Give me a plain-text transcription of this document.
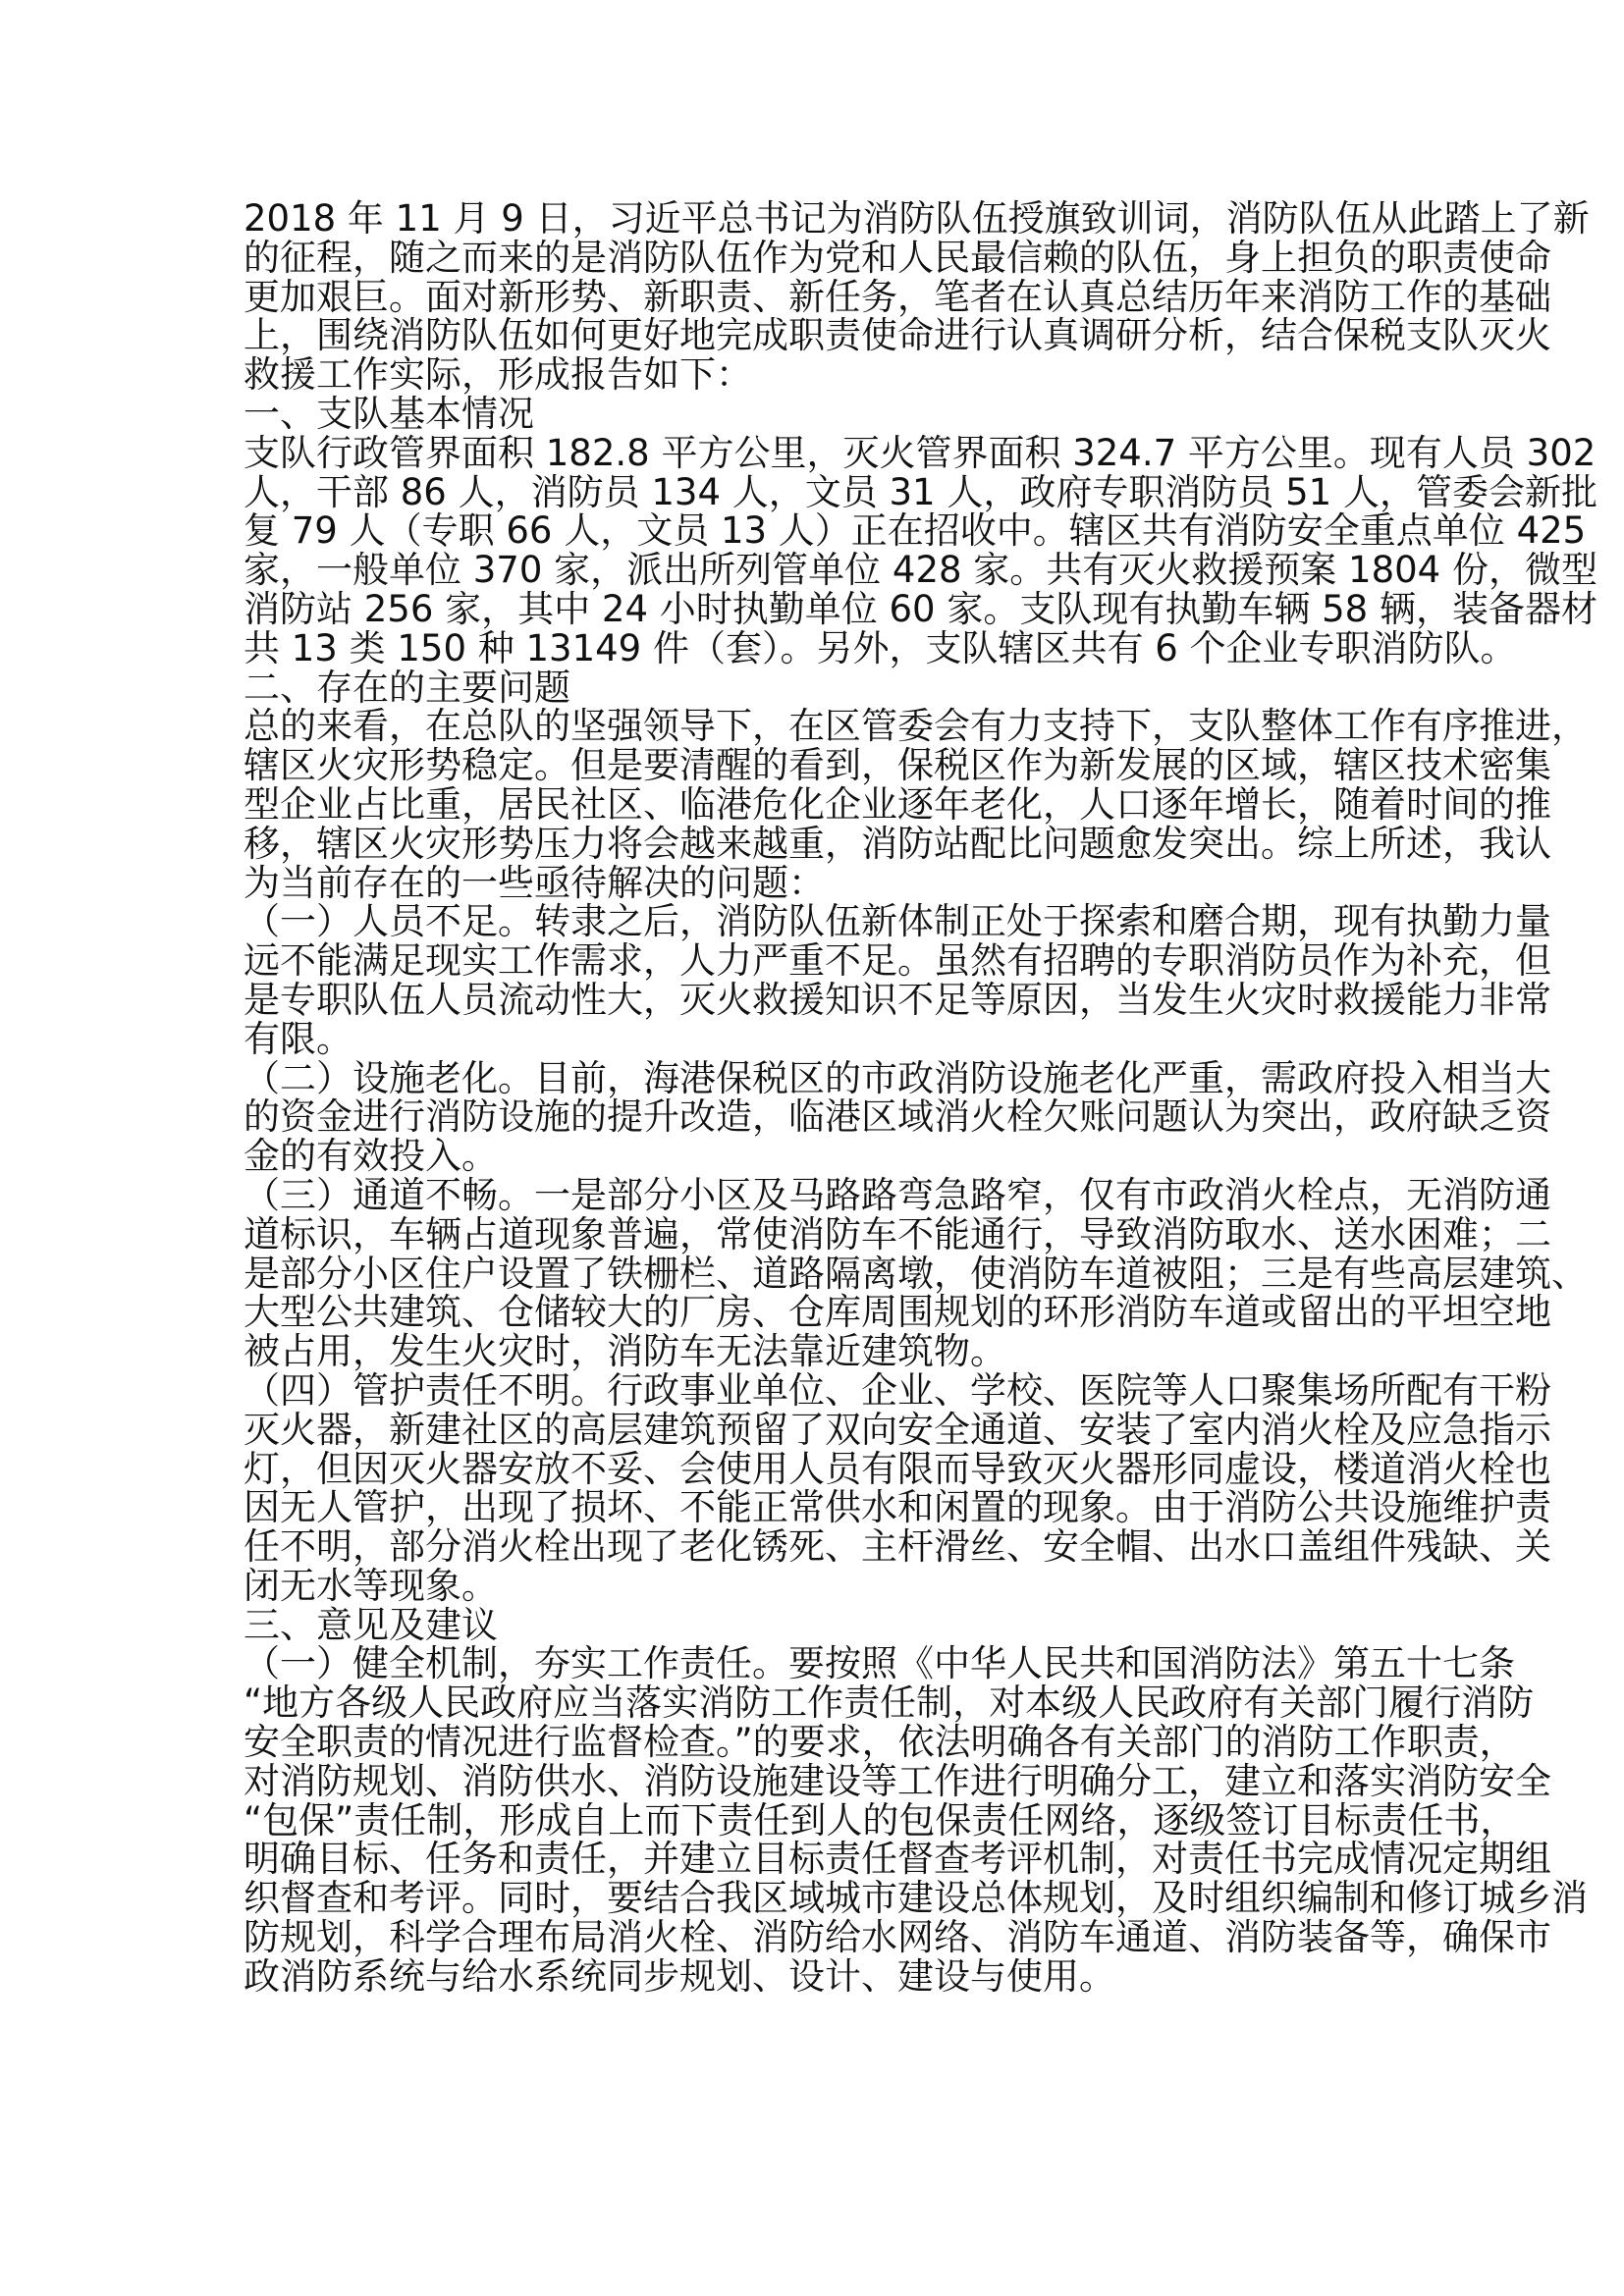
2018 年 11 月 9 日，习近平总书记为消防队伍授旗致训词，消防队伍从此踏上了新
的征程，随之而来的是消防队伍作为党和人民最信赖的队伍，身上担负的职责使命
更加艰巨。面对新形势、新职责、新任务，笔者在认真总结历年来消防工作的基础
上，围绕消防队伍如何更好地完成职责使命进行认真调研分析，结合保税支队灭火
救援工作实际，形成报告如下：
一、支队基本情况
支队行政管界面积 182.8 平方公里，灭火管界面积 324.7 平方公里。现有人员 302
人，干部 86 人，消防员 134 人，文员 31 人，政府专职消防员 51 人，管委会新批
复 79 人（专职 66 人，文员 13 人）正在招收中。辖区共有消防安全重点单位 425
家，一般单位 370 家，派出所列管单位 428 家。共有灭火救援预案 1804 份，微型
消防站 256 家，其中 24 小时执勤单位 60 家。支队现有执勤车辆 58 辆，装备器材
共 13 类 150 种 13149 件（套）。另外，支队辖区共有 6 个企业专职消防队。
二、存在的主要问题
总的来看，在总队的坚强领导下，在区管委会有力支持下，支队整体工作有序推进，
辖区火灾形势稳定。但是要清醒的看到，保税区作为新发展的区域，辖区技术密集
型企业占比重，居民社区、临港危化企业逐年老化，人口逐年增长，随着时间的推
移，辖区火灾形势压力将会越来越重，消防站配比问题愈发突出。综上所述，我认
为当前存在的一些亟待解决的问题：
（一）人员不足。转隶之后，消防队伍新体制正处于探索和磨合期，现有执勤力量
远不能满足现实工作需求，人力严重不足。虽然有招聘的专职消防员作为补充，但
是专职队伍人员流动性大，灭火救援知识不足等原因，当发生火灾时救援能力非常
有限。
（二）设施老化。目前，海港保税区的市政消防设施老化严重，需政府投入相当大
的资金进行消防设施的提升改造，临港区域消火栓欠账问题认为突出，政府缺乏资
金的有效投入。
（三）通道不畅。一是部分小区及马路路弯急路窄，仅有市政消火栓点，无消防通
道标识，车辆占道现象普遍，常使消防车不能通行，导致消防取水、送水困难；二
是部分小区住户设置了铁栅栏、道路隔离墩，使消防车道被阻；三是有些高层建筑、
大型公共建筑、仓储较大的厂房、仓库周围规划的环形消防车道或留出的平坦空地
被占用，发生火灾时，消防车无法靠近建筑物。
（四）管护责任不明。行政事业单位、企业、学校、医院等人口聚集场所配有干粉
灭火器，新建社区的高层建筑预留了双向安全通道、安装了室内消火栓及应急指示
灯，但因灭火器安放不妥、会使用人员有限而导致灭火器形同虚设，楼道消火栓也
因无人管护，出现了损坏、不能正常供水和闲置的现象。由于消防公共设施维护责
任不明，部分消火栓出现了老化锈死、主杆滑丝、安全帽、出水口盖组件残缺、关
闭无水等现象。
三、意见及建议
（一）健全机制，夯实工作责任。要按照《中华人民共和国消防法》第五十七条
“地方各级人民政府应当落实消防工作责任制，对本级人民政府有关部门履行消防
安全职责的情况进行监督检查。”的要求，依法明确各有关部门的消防工作职责，
对消防规划、消防供水、消防设施建设等工作进行明确分工，建立和落实消防安全
“包保”责任制，形成自上而下责任到人的包保责任网络，逐级签订目标责任书，
明确目标、任务和责任，并建立目标责任督查考评机制，对责任书完成情况定期组
织督查和考评。同时，要结合我区域城市建设总体规划，及时组织编制和修订城乡消
防规划，科学合理布局消火栓、消防给水网络、消防车通道、消防装备等，确保市
政消防系统与给水系统同步规划、设计、建设与使用。
